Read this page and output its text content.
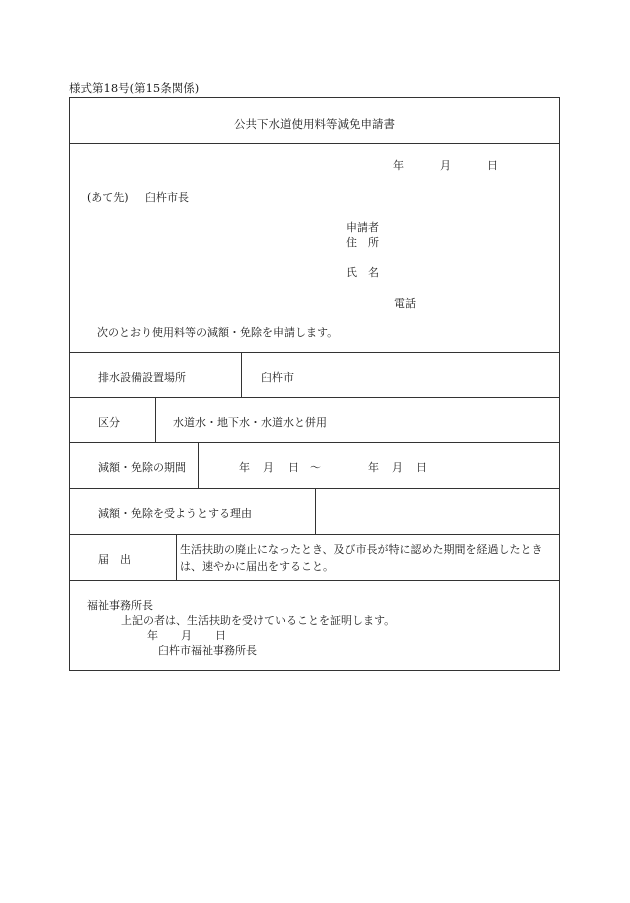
様式第18号(第15条関係)
公共下水道使用料等減免申請書
年	月	日
(あて先) 臼杵市長
申請者
住　所
氏　名
電話
次のとおり使用料等の減額・免除を申請します。
排水設備設置場所	臼杵市
区分	水道水・地下水・水道水と併用
減額・免除の期間	年 月 日 ～	年 月 日
減額・免除を受ようとする理由
届　出
生活扶助の廃止になったとき、及び市長が特に認めた期間を経過したときは、速やかに届出をすること。
福祉事務所長
上記の者は、生活扶助を受けていることを証明します。
年 月 日
臼杵市福祉事務所長
